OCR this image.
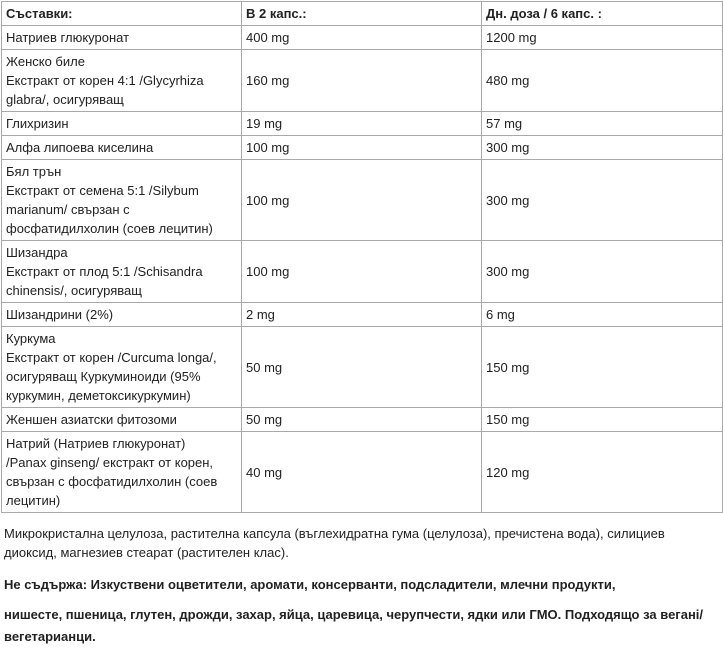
Съставки:	В 2 капс.:	Дн. доза / 6 капс. :

Натриев глюкуронат	400 mg	1200 mg

Женско биле
Екстракт от корен 4:1 /Glycyrhiza
glabra/, осигуряващ	160 mg	480 mg

Глихризин	19 mg	57 mg

Алфа липоева киселина	100 mg	300 mg

Бял трън
Екстракт от семена 5:1 /Silybum
marianum/ свързан с
фосфатидилхолин (соев лецитин)	100 mg	300 mg

Шизандра
Екстракт от плод 5:1 /Schisandra
chinensis/, осигуряващ	100 mg	300 mg

Шизандрини (2%)	2 mg	6 mg

Куркума
Екстракт от корен /Curcuma longa/,
осигуряващ Куркуминоиди (95%
куркумин, деметоксикуркумин)	50 mg	150 mg

Женшен азиатски фитозоми	50 mg	150 mg

Натрий (Натриев глюкуронат)
/Panax ginseng/ екстракт от корен,
свързан с фосфатидилхолин (соев
лецитин)	40 mg	120 mg
Микрокристална целулоза, растителна капсула (въглехидратна гума (целулоза), пречистена вода), силициев диоксид, магнезиев стеарат (растителен клас).
Не съдържа: Изкуствени оцветители, аромати, консерванти, подсладители, млечни продукти,
нишесте, пшеница, глутен, дрожди, захар, яйца, царевица, черупчести, ядки или ГМО. Подходящо за веганi/вегетарианци.
